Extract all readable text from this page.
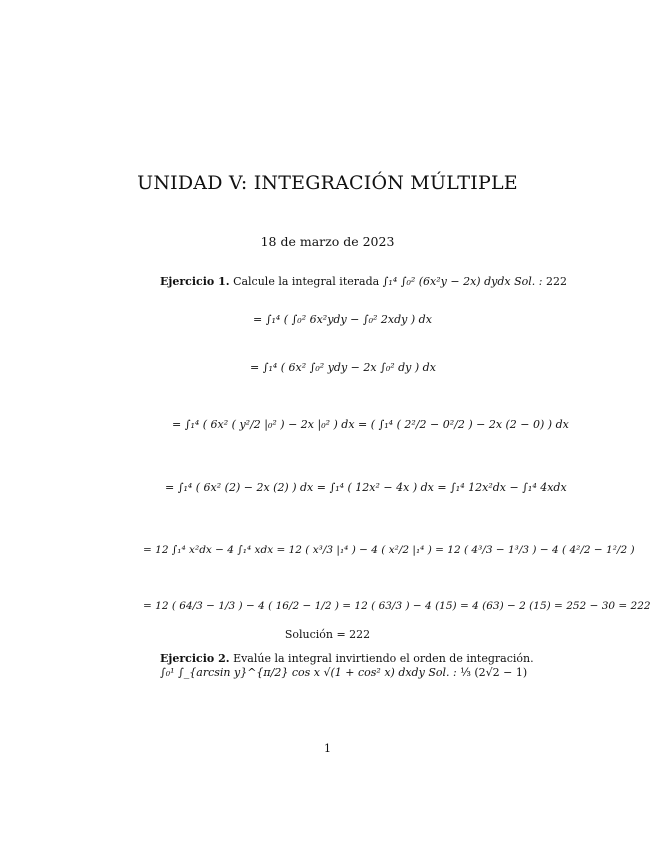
UNIDAD V: INTEGRACIÓN MÚLTIPLE
18 de marzo de 2023
Ejercicio 1. Calcule la integral iterada ∫₁⁴ ∫₀² (6x²y − 2x) dydx Sol. : 222
= ∫₁⁴ ( ∫₀² 6x²ydy − ∫₀² 2xdy ) dx
= ∫₁⁴ ( 6x² ∫₀² ydy − 2x ∫₀² dy ) dx
= ∫₁⁴ ( 6x² ( y²/2 |₀² ) − 2x |₀² ) dx = ( ∫₁⁴ ( 2²/2 − 0²/2 ) − 2x (2 − 0) ) dx
= ∫₁⁴ ( 6x² (2) − 2x (2) ) dx = ∫₁⁴ ( 12x² − 4x ) dx = ∫₁⁴ 12x²dx − ∫₁⁴ 4xdx
= 12 ∫₁⁴ x²dx − 4 ∫₁⁴ xdx = 12 ( x³/3 |₁⁴ ) − 4 ( x²/2 |₁⁴ ) = 12 ( 4³/3 − 1³/3 ) − 4 ( 4²/2 − 1²/2 )
= 12 ( 64/3 − 1/3 ) − 4 ( 16/2 − 1/2 ) = 12 ( 63/3 ) − 4 (15) = 4 (63) − 2 (15) = 252 − 30 = 222
Solución = 222
Ejercicio 2. Evalúe la integral invirtiendo el orden de integración.
∫₀¹ ∫_{arcsin y}^{π/2} cos x √(1 + cos² x) dxdy Sol. : ⅓ (2√2 − 1)
1
